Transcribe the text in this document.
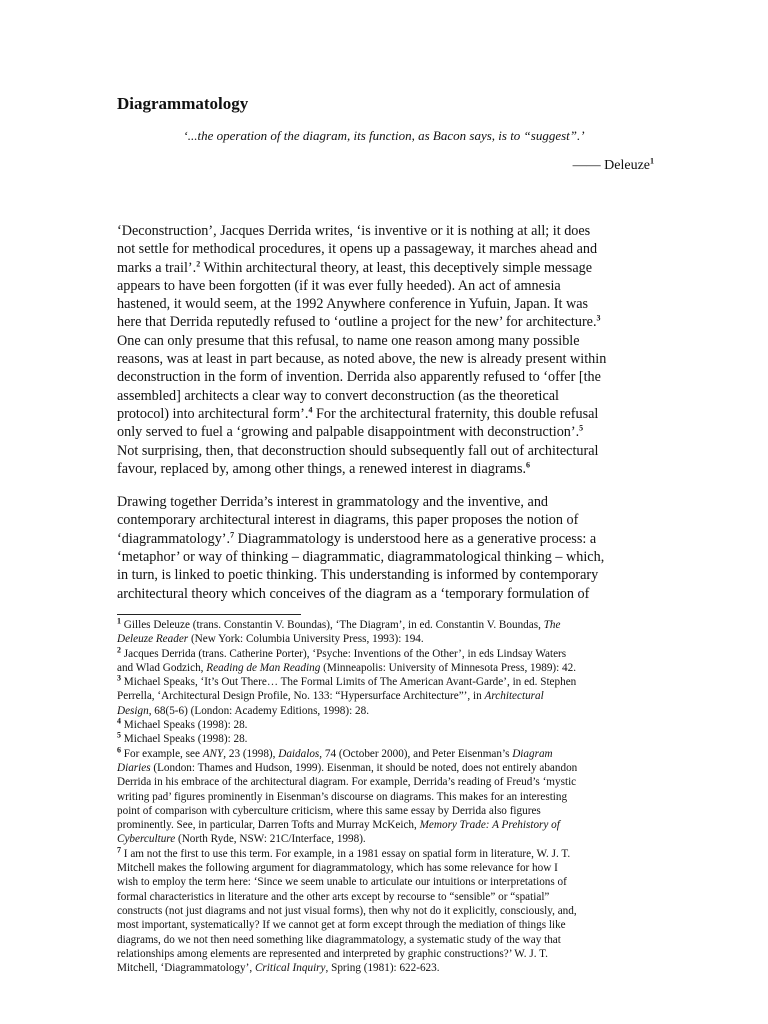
Diagrammatology
‘...the operation of the diagram, its function, as Bacon says, is to “suggest”.’
—— Deleuze$^1$

‘Deconstruction’, Jacques Derrida writes, ‘is inventive or it is nothing at all; it does
not settle for methodical procedures, it opens up a passageway, it marches ahead and
marks a trail’.$^2$ Within architectural theory, at least, this deceptively simple message
appears to have been forgotten (if it was ever fully heeded). An act of amnesia
hastened, it would seem, at the 1992 Anywhere conference in Yufuin, Japan. It was
here that Derrida reputedly refused to ‘outline a project for the new’ for architecture.$^3$
One can only presume that this refusal, to name one reason among many possible
reasons, was at least in part because, as noted above, the new is already present within
deconstruction in the form of invention. Derrida also apparently refused to ‘offer [the
assembled] architects a clear way to convert deconstruction (as the theoretical
protocol) into architectural form’.$^4$ For the architectural fraternity, this double refusal
only served to fuel a ‘growing and palpable disappointment with deconstruction’.$^5$
Not surprising, then, that deconstruction should subsequently fall out of architectural
favour, replaced by, among other things, a renewed interest in diagrams.$^6$

Drawing together Derrida’s interest in grammatology and the inventive, and
contemporary architectural interest in diagrams, this paper proposes the notion of
‘diagrammatology’.$^7$ Diagrammatology is understood here as a generative process: a
‘metaphor’ or way of thinking – diagrammatic, diagrammatological thinking – which,
in turn, is linked to poetic thinking. This understanding is informed by contemporary
architectural theory which conceives of the diagram as a ‘temporary formulation of

$^1$ Gilles Deleuze (trans. Constantin V. Boundas), ‘The Diagram’, in ed. Constantin V. Boundas, The
Deleuze Reader (New York: Columbia University Press, 1993): 194.
$^2$ Jacques Derrida (trans. Catherine Porter), ‘Psyche: Inventions of the Other’, in eds Lindsay Waters
and Wlad Godzich, Reading de Man Reading (Minneapolis: University of Minnesota Press, 1989): 42.
$^3$ Michael Speaks, ‘It’s Out There… The Formal Limits of The American Avant-Garde’, in ed. Stephen
Perrella, ‘Architectural Design Profile, No. 133: “Hypersurface Architecture”’, in Architectural
Design, 68(5-6) (London: Academy Editions, 1998): 28.
$^4$ Michael Speaks (1998): 28.
$^5$ Michael Speaks (1998): 28.
$^6$ For example, see ANY, 23 (1998), Daidalos, 74 (October 2000), and Peter Eisenman’s Diagram
Diaries (London: Thames and Hudson, 1999). Eisenman, it should be noted, does not entirely abandon
Derrida in his embrace of the architectural diagram. For example, Derrida’s reading of Freud’s ‘mystic
writing pad’ figures prominently in Eisenman’s discourse on diagrams. This makes for an interesting
point of comparison with cyberculture criticism, where this same essay by Derrida also figures
prominently. See, in particular, Darren Tofts and Murray McKeich, Memory Trade: A Prehistory of
Cyberculture (North Ryde, NSW: 21C/Interface, 1998).
$^7$ I am not the first to use this term. For example, in a 1981 essay on spatial form in literature, W. J. T.
Mitchell makes the following argument for diagrammatology, which has some relevance for how I
wish to employ the term here: ‘Since we seem unable to articulate our intuitions or interpretations of
formal characteristics in literature and the other arts except by recourse to “sensible” or “spatial”
constructs (not just diagrams and not just visual forms), then why not do it explicitly, consciously, and,
most important, systematically? If we cannot get at form except through the mediation of things like
diagrams, do we not then need something like diagrammatology, a systematic study of the way that
relationships among elements are represented and interpreted by graphic constructions?’ W. J. T.
Mitchell, ‘Diagrammatology’, Critical Inquiry, Spring (1981): 622-623.
